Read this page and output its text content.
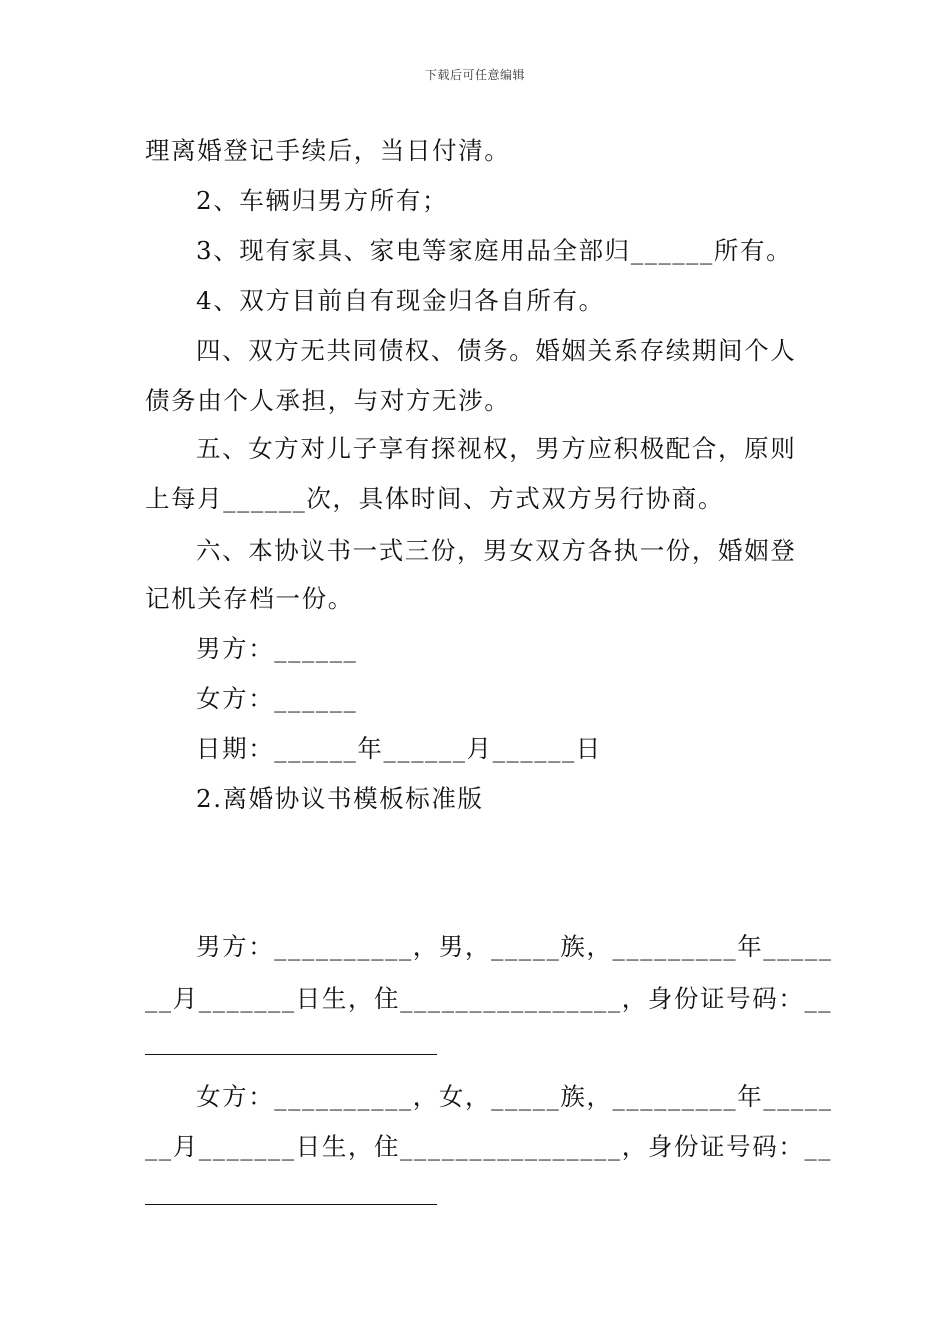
下载后可任意编辑
理离婚登记手续后，当日付清。
2、车辆归男方所有；
3、现有家具、家电等家庭用品全部归______所有。
4、双方目前自有现金归各自所有。
四、双方无共同债权、债务。婚姻关系存续期间个人
债务由个人承担，与对方无涉。
五、女方对儿子享有探视权，男方应积极配合，原则
上每月______次，具体时间、方式双方另行协商。
六、本协议书一式三份，男女双方各执一份，婚姻登
记机关存档一份。
男方：______
女方：______
日期：______年______月______日
2.离婚协议书模板标准版
男方：__________，男，_____族，_________年_____
__月_______日生，住________________，身份证号码：__
女方：__________，女，_____族，_________年_____
__月_______日生，住________________，身份证号码：__
